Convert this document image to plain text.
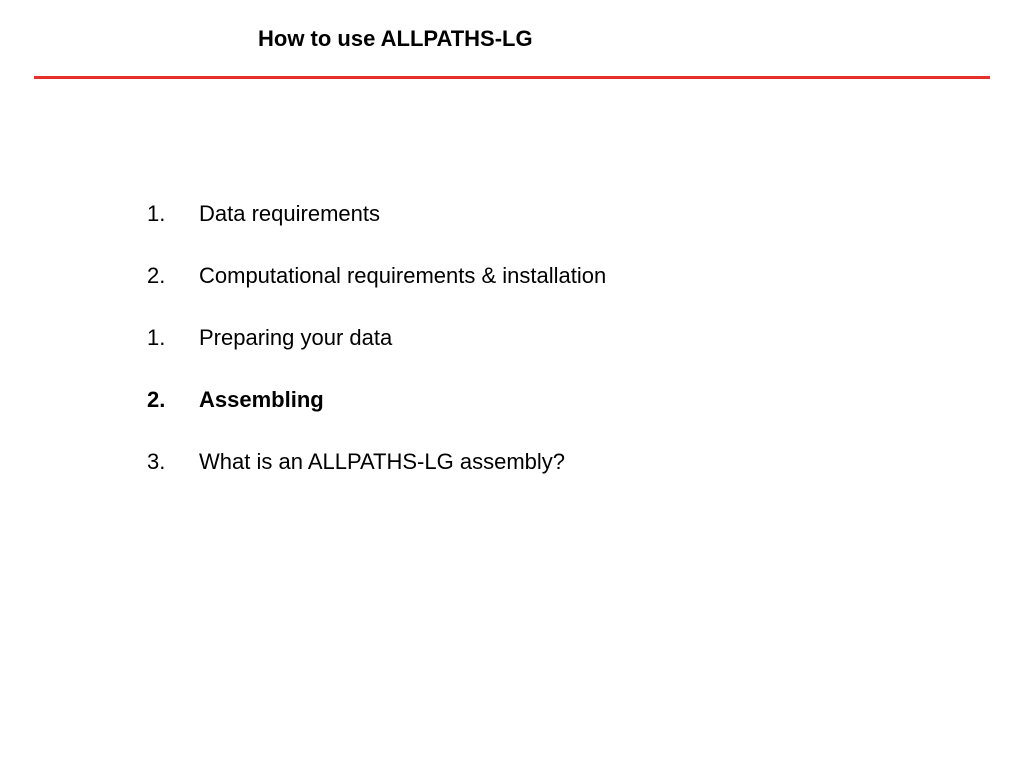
How to use ALLPATHS-LG
1. Data requirements
2. Computational requirements & installation
1. Preparing your data
2. Assembling
3. What is an ALLPATHS-LG assembly?
